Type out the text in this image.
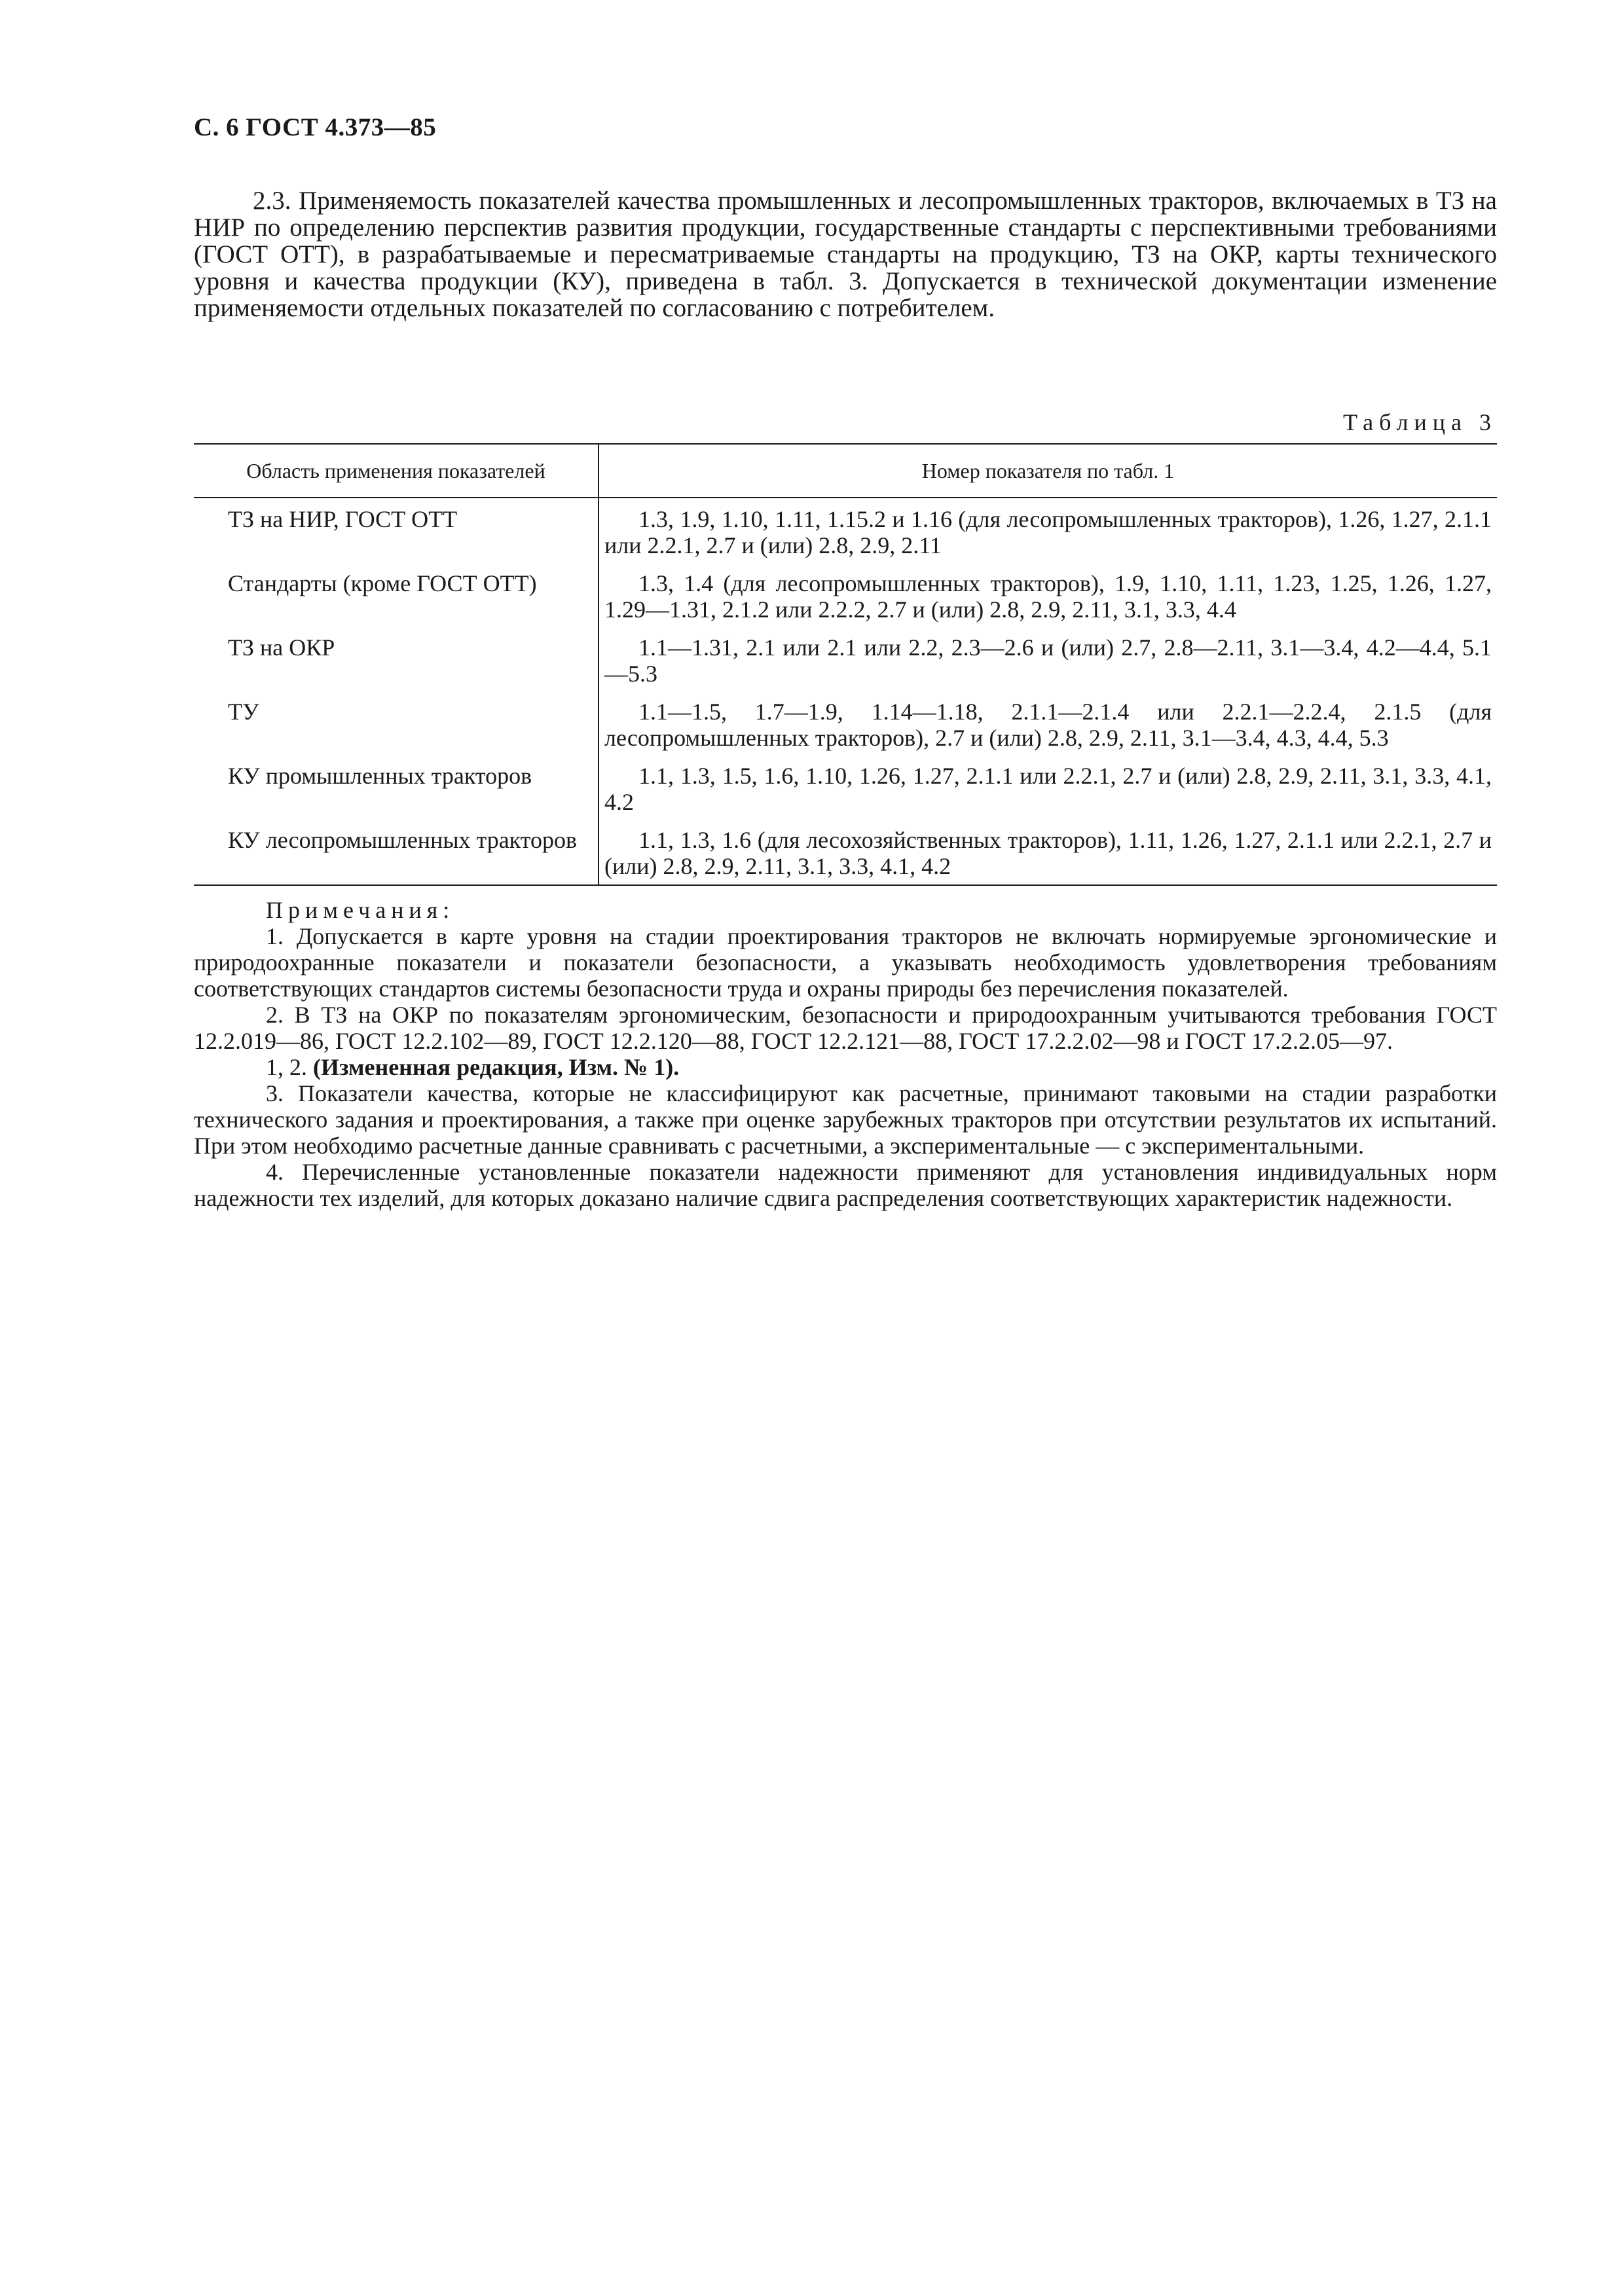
С. 6 ГОСТ 4.373—85

2.3. Применяемость показателей качества промышленных и лесопромышленных тракторов, включаемых в ТЗ на НИР по определению перспектив развития продукции, государственные стандарты с перспективными требованиями (ГОСТ ОТТ), в разрабатываемые и пересматриваемые стандарты на продукцию, ТЗ на ОКР, карты технического уровня и качества продукции (КУ), приведена в табл. 3. Допускается в технической документации изменение применяемости отдельных показателей по согласованию с потребителем.

Таблица 3
Область применения показателей	Номер показателя по табл. 1
ТЗ на НИР, ГОСТ ОТТ	1.3, 1.9, 1.10, 1.11, 1.15.2 и 1.16 (для лесопромышленных тракторов), 1.26, 1.27, 2.1.1 или 2.2.1, 2.7 и (или) 2.8, 2.9, 2.11
Стандарты (кроме ГОСТ ОТТ)	1.3, 1.4 (для лесопромышленных тракторов), 1.9, 1.10, 1.11, 1.23, 1.25, 1.26, 1.27, 1.29—1.31, 2.1.2 или 2.2.2, 2.7 и (или) 2.8, 2.9, 2.11, 3.1, 3.3, 4.4
ТЗ на ОКР	1.1—1.31, 2.1 или 2.1 или 2.2, 2.3—2.6 и (или) 2.7, 2.8—2.11, 3.1—3.4, 4.2—4.4, 5.1—5.3
ТУ	1.1—1.5, 1.7—1.9, 1.14—1.18, 2.1.1—2.1.4 или 2.2.1—2.2.4, 2.1.5 (для лесопромышленных тракторов), 2.7 и (или) 2.8, 2.9, 2.11, 3.1—3.4, 4.3, 4.4, 5.3
КУ промышленных тракторов	1.1, 1.3, 1.5, 1.6, 1.10, 1.26, 1.27, 2.1.1 или 2.2.1, 2.7 и (или) 2.8, 2.9, 2.11, 3.1, 3.3, 4.1, 4.2
КУ лесопромышленных тракторов	1.1, 1.3, 1.6 (для лесохозяйственных тракторов), 1.11, 1.26, 1.27, 2.1.1 или 2.2.1, 2.7 и (или) 2.8, 2.9, 2.11, 3.1, 3.3, 4.1, 4.2
Примечания:
1. Допускается в карте уровня на стадии проектирования тракторов не включать нормируемые эргономические и природоохранные показатели и показатели безопасности, а указывать необходимость удовлетворения требованиям соответствующих стандартов системы безопасности труда и охраны природы без перечисления показателей.
2. В ТЗ на ОКР по показателям эргономическим, безопасности и природоохранным учитываются требования ГОСТ 12.2.019—86, ГОСТ 12.2.102—89, ГОСТ 12.2.120—88, ГОСТ 12.2.121—88, ГОСТ 17.2.2.02—98 и ГОСТ 17.2.2.05—97.
1, 2. (Измененная редакция, Изм. № 1).
3. Показатели качества, которые не классифицируют как расчетные, принимают таковыми на стадии разработки технического задания и проектирования, а также при оценке зарубежных тракторов при отсутствии результатов их испытаний. При этом необходимо расчетные данные сравнивать с расчетными, а экспериментальные — с экспериментальными.
4. Перечисленные установленные показатели надежности применяют для установления индивидуальных норм надежности тех изделий, для которых доказано наличие сдвига распределения соответствующих характеристик надежности.
